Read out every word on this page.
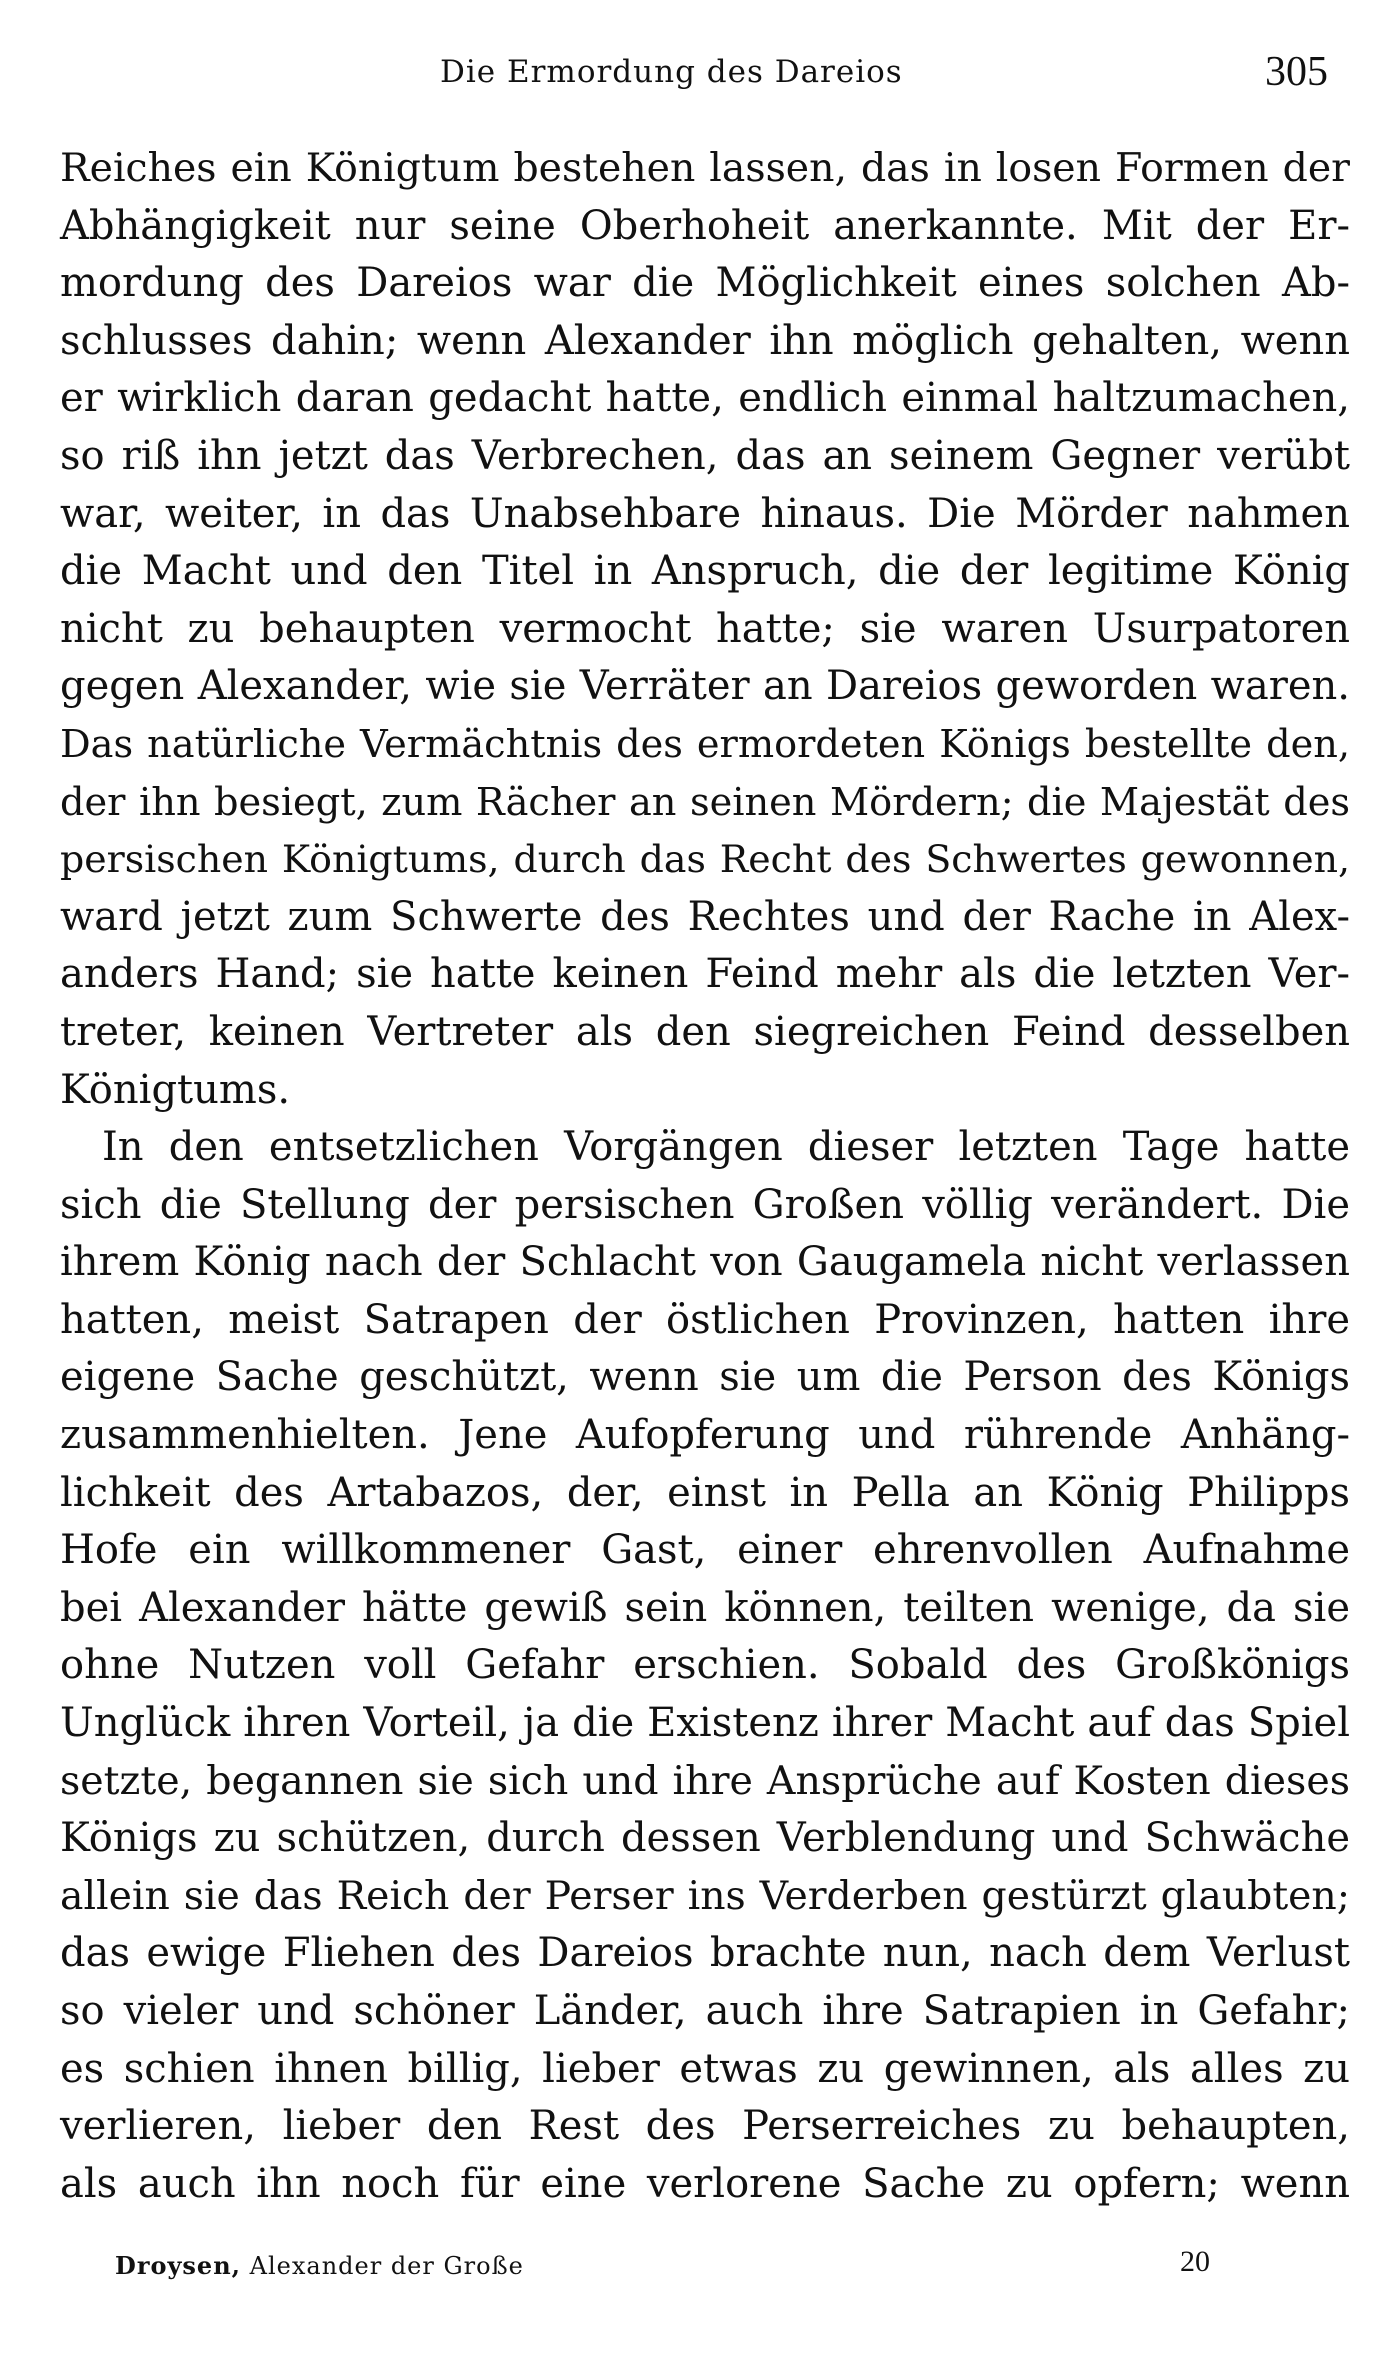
Die Ermordung des Dareios	305
Reiches ein Königtum bestehen lassen, das in losen Formen der
Abhängigkeit nur seine Oberhoheit anerkannte. Mit der Er-
mordung des Dareios war die Möglichkeit eines solchen Ab-
schlusses dahin; wenn Alexander ihn möglich gehalten, wenn
er wirklich daran gedacht hatte, endlich einmal haltzumachen,
so riß ihn jetzt das Verbrechen, das an seinem Gegner verübt
war, weiter, in das Unabsehbare hinaus. Die Mörder nahmen
die Macht und den Titel in Anspruch, die der legitime König
nicht zu behaupten vermocht hatte; sie waren Usurpatoren
gegen Alexander, wie sie Verräter an Dareios geworden waren.
Das natürliche Vermächtnis des ermordeten Königs bestellte den,
der ihn besiegt, zum Rächer an seinen Mördern; die Majestät des
persischen Königtums, durch das Recht des Schwertes gewonnen,
ward jetzt zum Schwerte des Rechtes und der Rache in Alex-
anders Hand; sie hatte keinen Feind mehr als die letzten Ver-
treter, keinen Vertreter als den siegreichen Feind desselben
Königtums.
In den entsetzlichen Vorgängen dieser letzten Tage hatte
sich die Stellung der persischen Großen völlig verändert. Die
ihrem König nach der Schlacht von Gaugamela nicht verlassen
hatten, meist Satrapen der östlichen Provinzen, hatten ihre
eigene Sache geschützt, wenn sie um die Person des Königs
zusammenhielten. Jene Aufopferung und rührende Anhäng-
lichkeit des Artabazos, der, einst in Pella an König Philipps
Hofe ein willkommener Gast, einer ehrenvollen Aufnahme
bei Alexander hätte gewiß sein können, teilten wenige, da sie
ohne Nutzen voll Gefahr erschien. Sobald des Großkönigs
Unglück ihren Vorteil, ja die Existenz ihrer Macht auf das Spiel
setzte, begannen sie sich und ihre Ansprüche auf Kosten dieses
Königs zu schützen, durch dessen Verblendung und Schwäche
allein sie das Reich der Perser ins Verderben gestürzt glaubten;
das ewige Fliehen des Dareios brachte nun, nach dem Verlust
so vieler und schöner Länder, auch ihre Satrapien in Gefahr;
es schien ihnen billig, lieber etwas zu gewinnen, als alles zu
verlieren, lieber den Rest des Perserreiches zu behaupten,
als auch ihn noch für eine verlorene Sache zu opfern; wenn
Droysen, Alexander der Große	20
